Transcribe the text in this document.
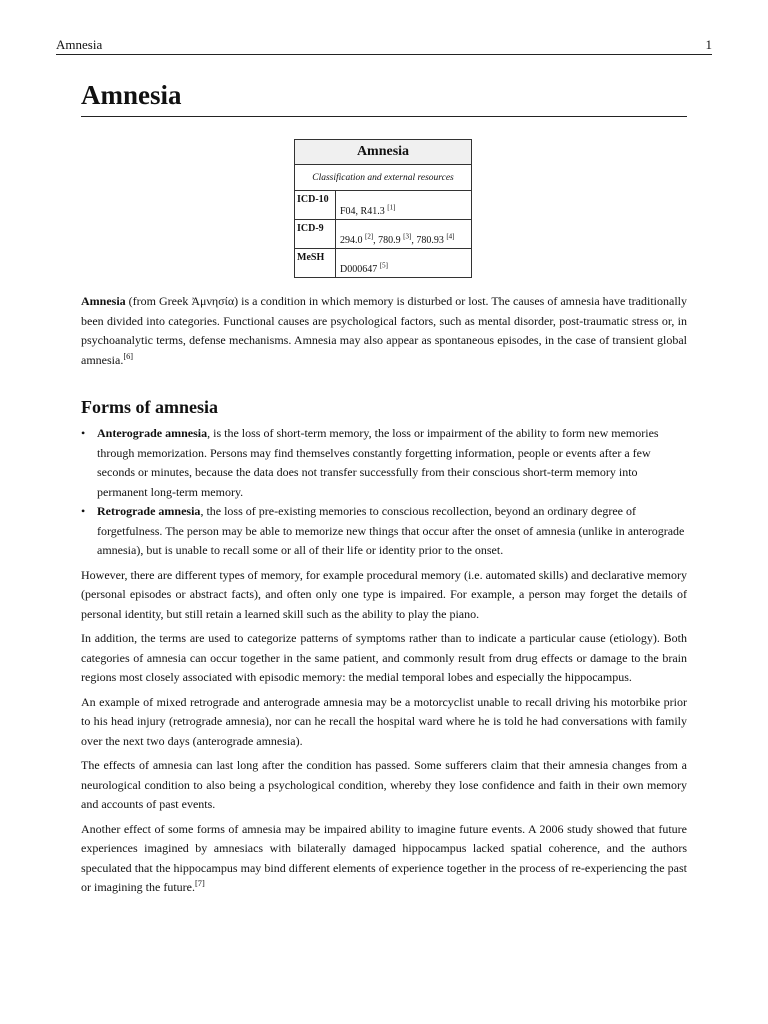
Amnesia	1
Amnesia
Amnesia	
Classification and external resources	
ICD-10	F04, R41.3 [1]
ICD-9	294.0 [2], 780.9 [3], 780.93 [4]
MeSH	D000647 [5]

Amnesia (from Greek Ἀμνησία) is a condition in which memory is disturbed or lost. The causes of amnesia have traditionally been divided into categories. Functional causes are psychological factors, such as mental disorder, post-traumatic stress or, in psychoanalytic terms, defense mechanisms. Amnesia may also appear as spontaneous episodes, in the case of transient global amnesia.[6]

Forms of amnesia
• Anterograde amnesia, is the loss of short-term memory, the loss or impairment of the ability to form new memories through memorization. Persons may find themselves constantly forgetting information, people or events after a few seconds or minutes, because the data does not transfer successfully from their conscious short-term memory into permanent long-term memory.
• Retrograde amnesia, the loss of pre-existing memories to conscious recollection, beyond an ordinary degree of forgetfulness. The person may be able to memorize new things that occur after the onset of amnesia (unlike in anterograde amnesia), but is unable to recall some or all of their life or identity prior to the onset.

However, there are different types of memory, for example procedural memory (i.e. automated skills) and declarative memory (personal episodes or abstract facts), and often only one type is impaired. For example, a person may forget the details of personal identity, but still retain a learned skill such as the ability to play the piano.

In addition, the terms are used to categorize patterns of symptoms rather than to indicate a particular cause (etiology). Both categories of amnesia can occur together in the same patient, and commonly result from drug effects or damage to the brain regions most closely associated with episodic memory: the medial temporal lobes and especially the hippocampus.

An example of mixed retrograde and anterograde amnesia may be a motorcyclist unable to recall driving his motorbike prior to his head injury (retrograde amnesia), nor can he recall the hospital ward where he is told he had conversations with family over the next two days (anterograde amnesia).

The effects of amnesia can last long after the condition has passed. Some sufferers claim that their amnesia changes from a neurological condition to also being a psychological condition, whereby they lose confidence and faith in their own memory and accounts of past events.

Another effect of some forms of amnesia may be impaired ability to imagine future events. A 2006 study showed that future experiences imagined by amnesiacs with bilaterally damaged hippocampus lacked spatial coherence, and the authors speculated that the hippocampus may bind different elements of experience together in the process of re-experiencing the past or imagining the future.[7]
